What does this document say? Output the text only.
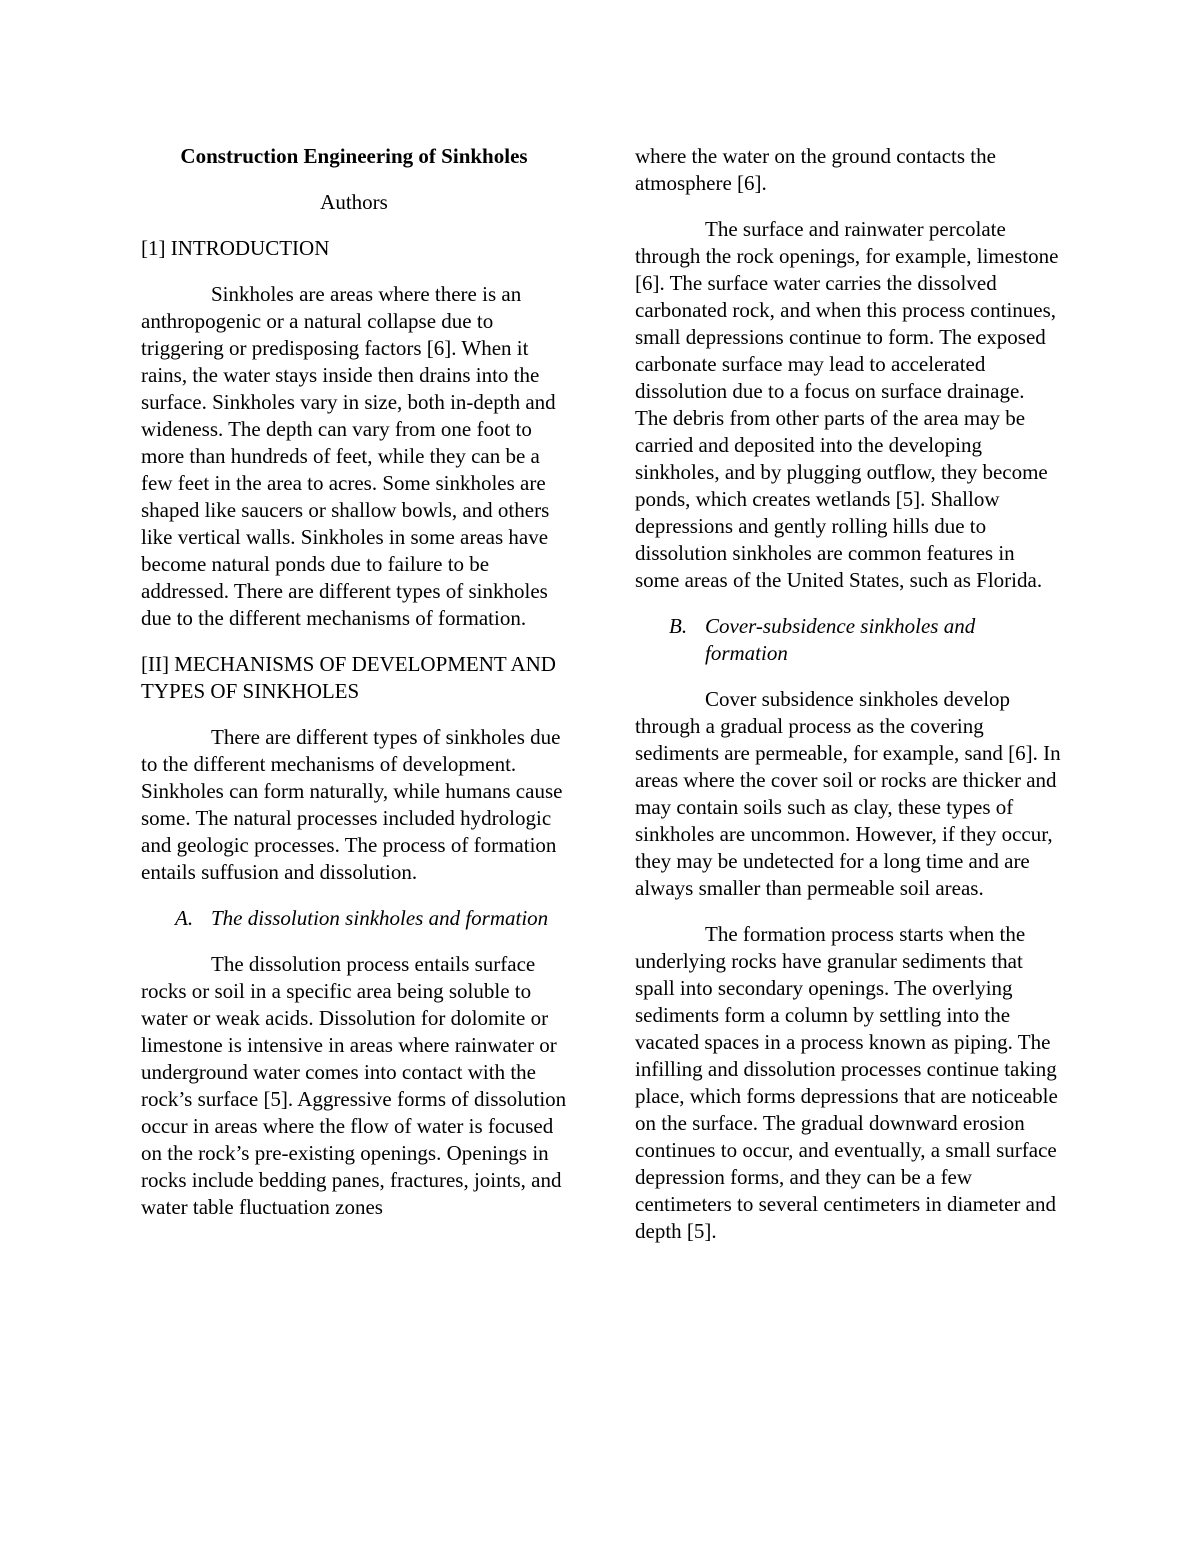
Construction Engineering of Sinkholes

Authors

[1] INTRODUCTION

Sinkholes are areas where there is an anthropogenic or a natural collapse due to triggering or predisposing factors [6]. When it rains, the water stays inside then drains into the surface. Sinkholes vary in size, both in-depth and wideness. The depth can vary from one foot to more than hundreds of feet, while they can be a few feet in the area to acres. Some sinkholes are shaped like saucers or shallow bowls, and others like vertical walls. Sinkholes in some areas have become natural ponds due to failure to be addressed. There are different types of sinkholes due to the different mechanisms of formation.

[II] MECHANISMS OF DEVELOPMENT AND TYPES OF SINKHOLES

There are different types of sinkholes due to the different mechanisms of development. Sinkholes can form naturally, while humans cause some. The natural processes included hydrologic and geologic processes. The process of formation entails suffusion and dissolution.

A. The dissolution sinkholes and formation

The dissolution process entails surface rocks or soil in a specific area being soluble to water or weak acids. Dissolution for dolomite or limestone is intensive in areas where rainwater or underground water comes into contact with the rock’s surface [5]. Aggressive forms of dissolution occur in areas where the flow of water is focused on the rock’s pre-existing openings. Openings in rocks include bedding panes, fractures, joints, and water table fluctuation zones

where the water on the ground contacts the atmosphere [6].

The surface and rainwater percolate through the rock openings, for example, limestone [6]. The surface water carries the dissolved carbonated rock, and when this process continues, small depressions continue to form. The exposed carbonate surface may lead to accelerated dissolution due to a focus on surface drainage. The debris from other parts of the area may be carried and deposited into the developing sinkholes, and by plugging outflow, they become ponds, which creates wetlands [5]. Shallow depressions and gently rolling hills due to dissolution sinkholes are common features in some areas of the United States, such as Florida.

B. Cover-subsidence sinkholes and formation

Cover subsidence sinkholes develop through a gradual process as the covering sediments are permeable, for example, sand [6]. In areas where the cover soil or rocks are thicker and may contain soils such as clay, these types of sinkholes are uncommon. However, if they occur, they may be undetected for a long time and are always smaller than permeable soil areas.

The formation process starts when the underlying rocks have granular sediments that spall into secondary openings. The overlying sediments form a column by settling into the vacated spaces in a process known as piping. The infilling and dissolution processes continue taking place, which forms depressions that are noticeable on the surface. The gradual downward erosion continues to occur, and eventually, a small surface depression forms, and they can be a few centimeters to several centimeters in diameter and depth [5].
